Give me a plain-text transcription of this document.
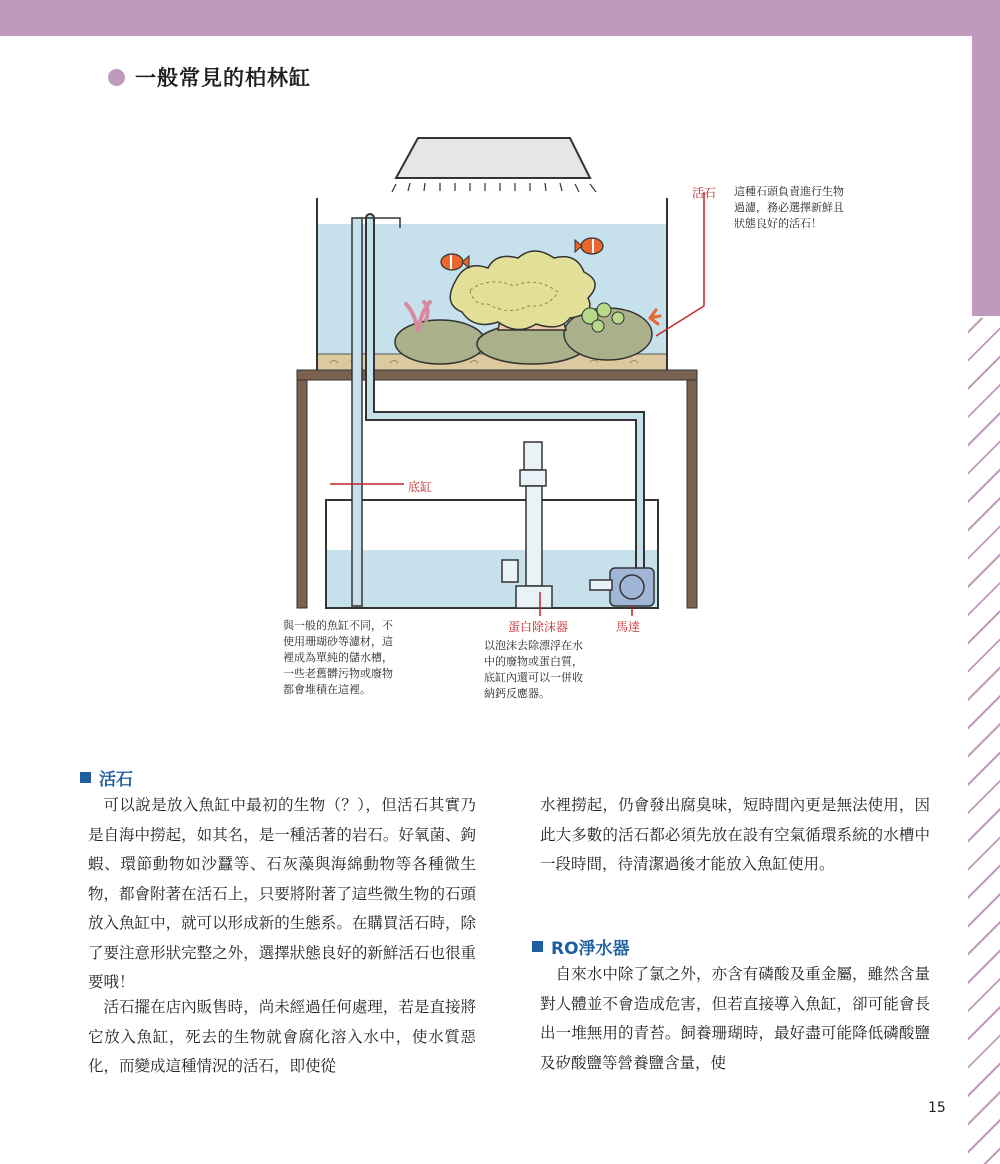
一般常見的柏林缸
活石 這種石頭負責進行生物
過濾，務必選擇新鮮且
狀態良好的活石！
底缸
與一般的魚缸不同，不
使用珊瑚砂等濾材，這
裡成為單純的儲水槽，
一些老舊髒污物或廢物
都會堆積在這裡。
蛋白除沫器
以泡沫去除漂浮在水
中的廢物或蛋白質，
底缸內還可以一併收
納鈣反應器。
馬達
活石

可以說是放入魚缸中最初的生物（？），但活石其實乃是自海中撈起，如其名，是一種活著的岩石。好氧菌、鉤蝦、環節動物如沙蠶等、石灰藻與海綿動物等各種微生物，都會附著在活石上，只要將附著了這些微生物的石頭放入魚缸中，就可以形成新的生態系。在購買活石時，除了要注意形狀完整之外，選擇狀態良好的新鮮活石也很重要哦！

活石擺在店內販售時，尚未經過任何處理，若是直接將它放入魚缸，死去的生物就會腐化溶入水中，使水質惡化，而變成這種情況的活石，即使從

水裡撈起，仍會發出腐臭味，短時間內更是無法使用，因此大多數的活石都必須先放在設有空氣循環系統的水槽中一段時間，待清潔過後才能放入魚缸使用。

RO淨水器

自來水中除了氯之外，亦含有磷酸及重金屬，雖然含量對人體並不會造成危害，但若直接導入魚缸，卻可能會長出一堆無用的青苔。飼養珊瑚時，最好盡可能降低磷酸鹽及矽酸鹽等營養鹽含量，使

15
